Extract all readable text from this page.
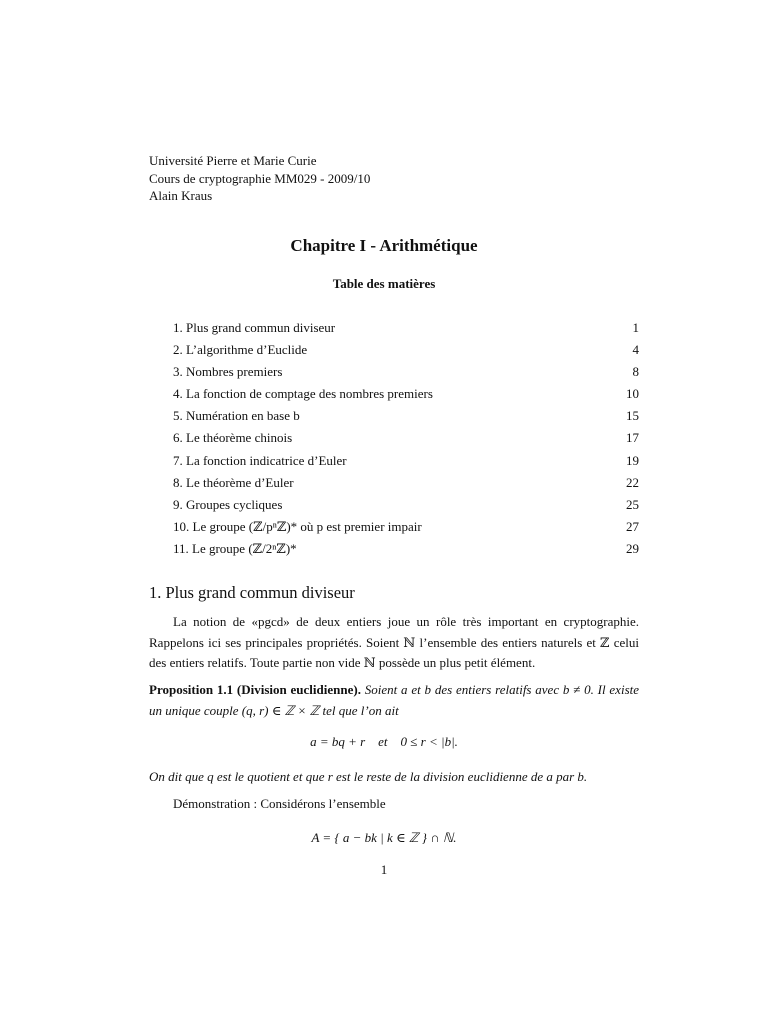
Université Pierre et Marie Curie
Cours de cryptographie MM029 - 2009/10
Alain Kraus
Chapitre I - Arithmétique
Table des matières
1. Plus grand commun diviseur	1
2. L’algorithme d’Euclide	4
3. Nombres premiers	8
4. La fonction de comptage des nombres premiers	10
5. Numération en base b	15
6. Le théorème chinois	17
7. La fonction indicatrice d’Euler	19
8. Le théorème d’Euler	22
9. Groupes cycliques	25
10. Le groupe (ℤ/pⁿℤ)* où p est premier impair	27
11. Le groupe (ℤ/2ⁿℤ)*	29
1. Plus grand commun diviseur
La notion de «pgcd» de deux entiers joue un rôle très important en cryptographie. Rappelons ici ses principales propriétés. Soient ℕ l’ensemble des entiers naturels et ℤ celui des entiers relatifs. Toute partie non vide ℕ possède un plus petit élément.
Proposition 1.1 (Division euclidienne). Soient a et b des entiers relatifs avec b ≠ 0. Il existe un unique couple (q, r) ∈ ℤ × ℤ tel que l’on ait
a = bq + r    et    0 ≤ r < |b|.
On dit que q est le quotient et que r est le reste de la division euclidienne de a par b.
Démonstration : Considérons l’ensemble
A = { a − bk | k ∈ ℤ } ∩ ℕ.
1
